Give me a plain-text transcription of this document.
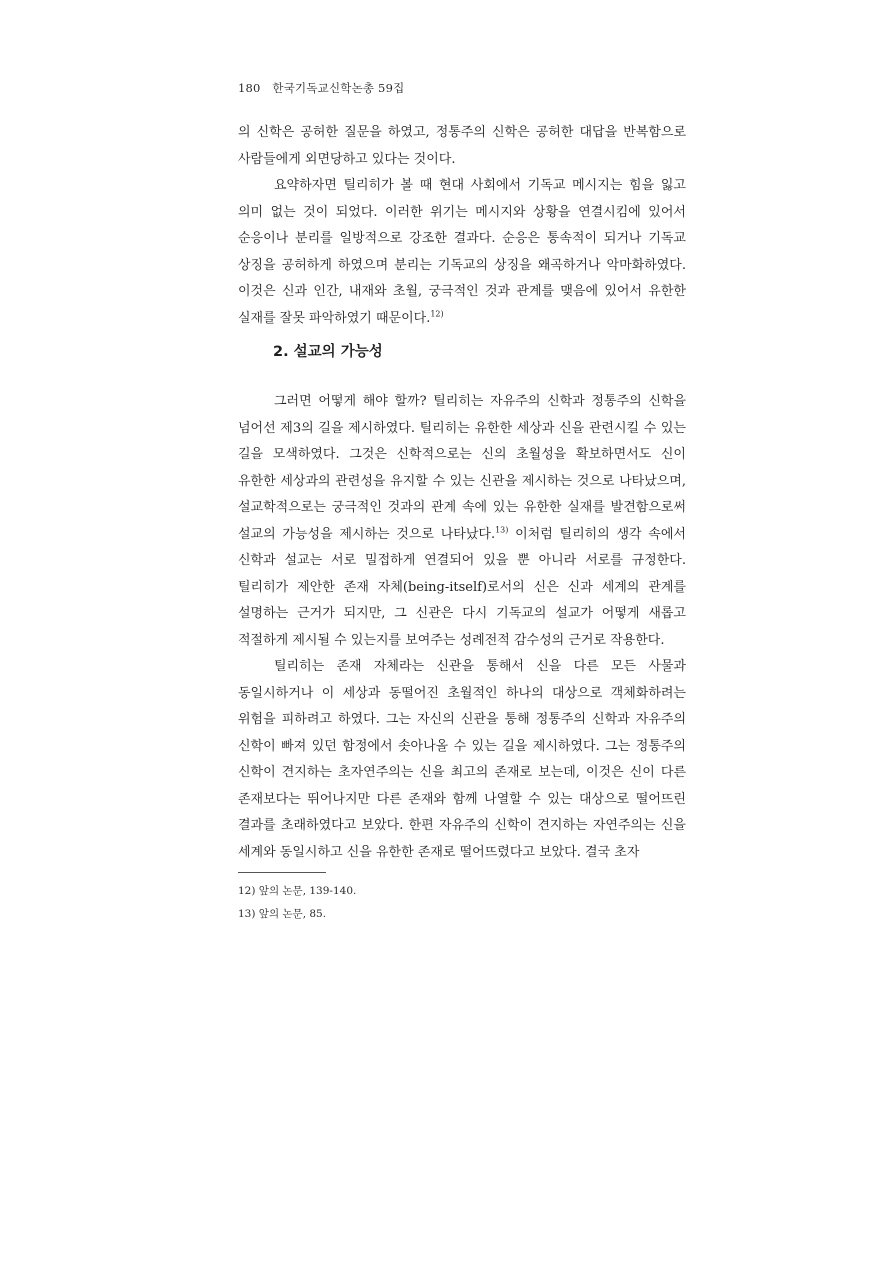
180 한국기독교신학논총 59집

의 신학은 공허한 질문을 하였고, 정통주의 신학은 공허한 대답을 반복함으로 사람들에게 외면당하고 있다는 것이다.

요약하자면 틸리히가 볼 때 현대 사회에서 기독교 메시지는 힘을 잃고 의미 없는 것이 되었다. 이러한 위기는 메시지와 상황을 연결시킴에 있어서 순응이나 분리를 일방적으로 강조한 결과다. 순응은 통속적이 되거나 기독교 상징을 공허하게 하였으며 분리는 기독교의 상징을 왜곡하거나 악마화하였다. 이것은 신과 인간, 내재와 초월, 궁극적인 것과 관계를 맺음에 있어서 유한한 실재를 잘못 파악하였기 때문이다.$^{12)}$

2. 설교의 가능성

그러면 어떻게 해야 할까? 틸리히는 자유주의 신학과 정통주의 신학을 넘어선 제3의 길을 제시하였다. 틸리히는 유한한 세상과 신을 관련시킬 수 있는 길을 모색하였다. 그것은 신학적으로는 신의 초월성을 확보하면서도 신이 유한한 세상과의 관련성을 유지할 수 있는 신관을 제시하는 것으로 나타났으며, 설교학적으로는 궁극적인 것과의 관계 속에 있는 유한한 실재를 발견함으로써 설교의 가능성을 제시하는 것으로 나타났다.$^{13)}$ 이처럼 틸리히의 생각 속에서 신학과 설교는 서로 밀접하게 연결되어 있을 뿐 아니라 서로를 규정한다. 틸리히가 제안한 존재 자체(being-itself)로서의 신은 신과 세계의 관계를 설명하는 근거가 되지만, 그 신관은 다시 기독교의 설교가 어떻게 새롭고 적절하게 제시될 수 있는지를 보여주는 성례전적 감수성의 근거로 작용한다.

틸리히는 존재 자체라는 신관을 통해서 신을 다른 모든 사물과 동일시하거나 이 세상과 동떨어진 초월적인 하나의 대상으로 객체화하려는 위험을 피하려고 하였다. 그는 자신의 신관을 통해 정통주의 신학과 자유주의 신학이 빠져 있던 함정에서 솟아나올 수 있는 길을 제시하였다. 그는 정통주의 신학이 견지하는 초자연주의는 신을 최고의 존재로 보는데, 이것은 신이 다른 존재보다는 뛰어나지만 다른 존재와 함께 나열할 수 있는 대상으로 떨어뜨린 결과를 초래하였다고 보았다. 한편 자유주의 신학이 견지하는 자연주의는 신을 세계와 동일시하고 신을 유한한 존재로 떨어뜨렸다고 보았다. 결국 초자

12) 앞의 논문, 139-140.
13) 앞의 논문, 85.
